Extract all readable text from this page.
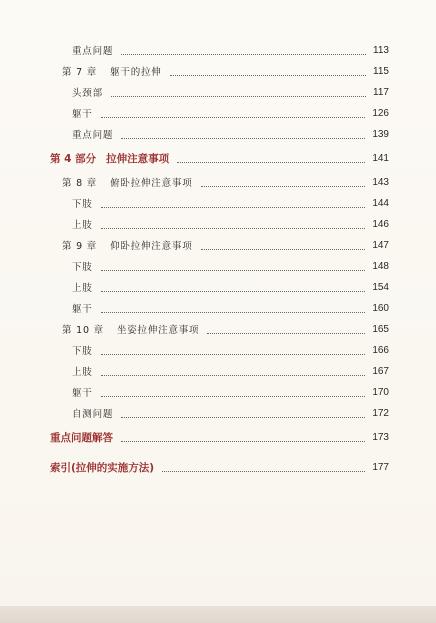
重点问题	113
第 7 章 躯干的拉伸	115
头颈部	117
躯干	126
重点问题	139
第 4 部分 拉伸注意事项	141
第 8 章 俯卧拉伸注意事项	143
下肢	144
上肢	146
第 9 章 仰卧拉伸注意事项	147
下肢	148
上肢	154
躯干	160
第 10 章 坐姿拉伸注意事项	165
下肢	166
上肢	167
躯干	170
自测问题	172
重点问题解答	173
索引(拉伸的实施方法)	177
